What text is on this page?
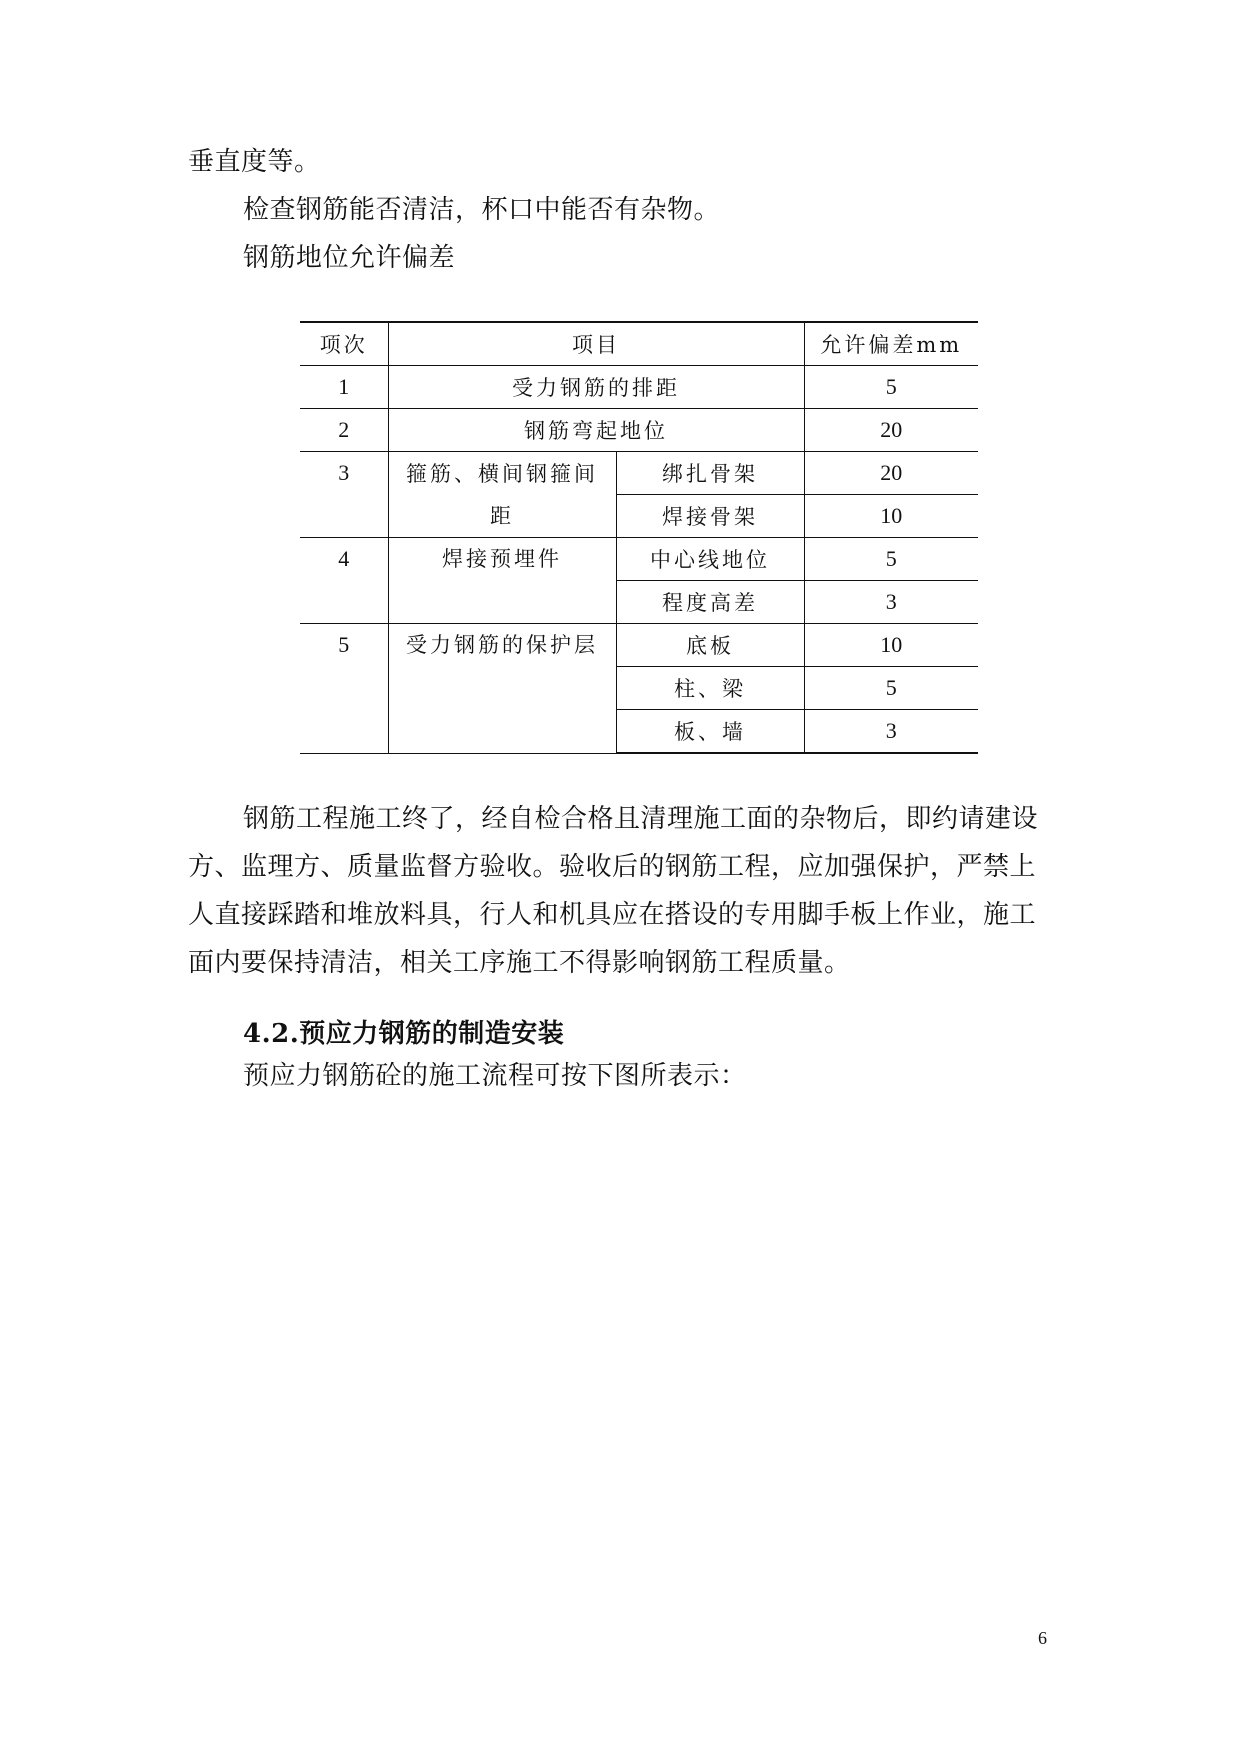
垂直度等。
检查钢筋能否清洁，杯口中能否有杂物。
钢筋地位允许偏差
项次	项目		允许偏差mm
1	受力钢筋的排距		5
2	钢筋弯起地位		20
3	箍筋、横间钢箍间距	绑扎骨架	20
		焊接骨架	10
4	焊接预埋件	中心线地位	5
		程度高差	3
5	受力钢筋的保护层	底板	10
		柱、梁	5
		板、墙	3
钢筋工程施工终了，经自检合格且清理施工面的杂物后，即约请建设
方、监理方、质量监督方验收。验收后的钢筋工程，应加强保护，严禁上
人直接踩踏和堆放料具，行人和机具应在搭设的专用脚手板上作业，施工
面内要保持清洁，相关工序施工不得影响钢筋工程质量。
4.2.预应力钢筋的制造安装
预应力钢筋砼的施工流程可按下图所表示：
6
